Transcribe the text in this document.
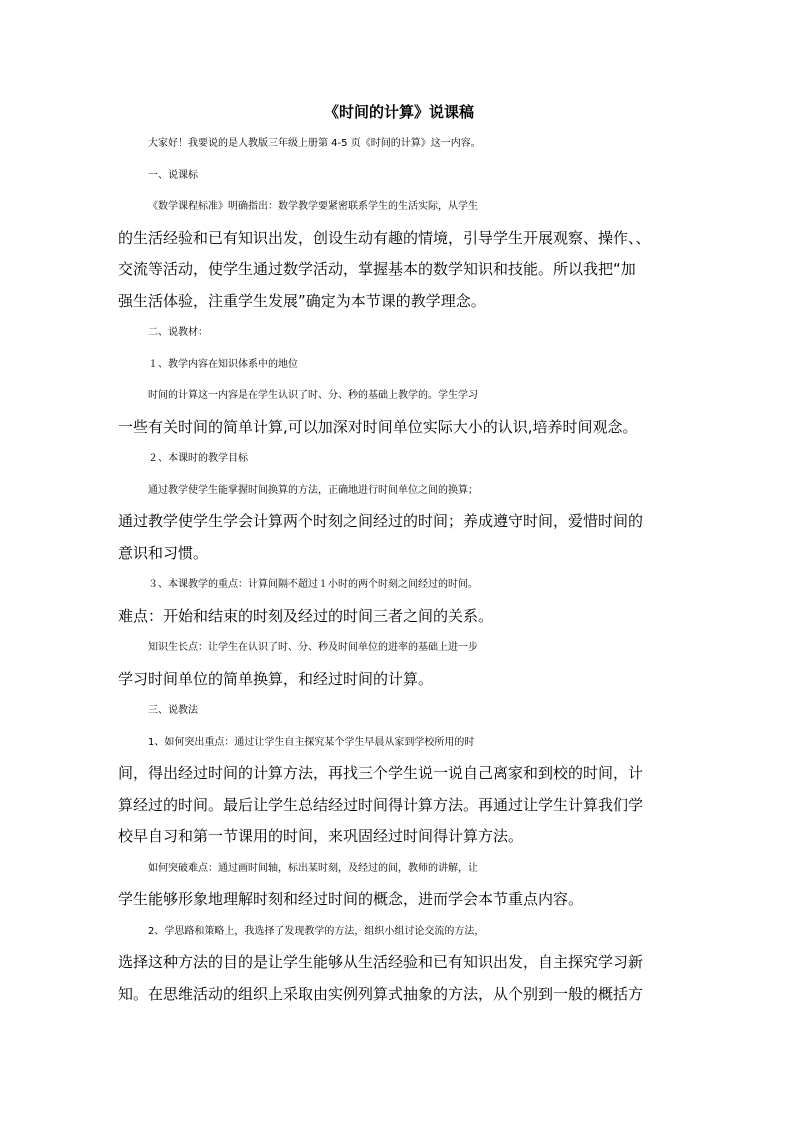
《时间的计算》说课稿
大家好！我要说的是人教版三年级上册第 4-5 页《时间的计算》这一内容。
一、说课标
《数学课程标准》明确指出：数学教学要紧密联系学生的生活实际，从学生
的生活经验和已有知识出发，创设生动有趣的情境，引导学生开展观察、操作、、
交流等活动，使学生通过数学活动，掌握基本的数学知识和技能。所以我把“加
强生活体验，注重学生发展”确定为本节课的教学理念。
二、说教材：
１、教学内容在知识体系中的地位
时间的计算这一内容是在学生认识了时、分、秒的基础上教学的。学生学习
一些有关时间的简单计算,可以加深对时间单位实际大小的认识,培养时间观念。
２、本课时的教学目标
通过教学使学生能掌握时间换算的方法，正确地进行时间单位之间的换算；
通过教学使学生学会计算两个时刻之间经过的时间；养成遵守时间，爱惜时间的
意识和习惯。
３、本课教学的重点：计算间隔不超过１小时的两个时刻之间经过的时间。
难点：开始和结束的时刻及经过的时间三者之间的关系。
知识生长点：让学生在认识了时、分、秒及时间单位的进率的基础上进一步
学习时间单位的简单换算，和经过时间的计算。
三、说教法
1、如何突出重点：通过让学生自主探究某个学生早晨从家到学校所用的时
间，得出经过时间的计算方法，再找三个学生说一说自己离家和到校的时间，计
算经过的时间。最后让学生总结经过时间得计算方法。再通过让学生计算我们学
校早自习和第一节课用的时间，来巩固经过时间得计算方法。
如何突破难点：通过画时间轴，标出某时刻，及经过的间，教师的讲解，让
学生能够形象地理解时刻和经过时间的概念，进而学会本节重点内容。
2、学思路和策略上，我选择了发现教学的方法，组织小组讨论交流的方法，
选择这种方法的目的是让学生能够从生活经验和已有知识出发，自主探究学习新
知。在思维活动的组织上采取由实例列算式抽象的方法，从个别到一般的概括方
